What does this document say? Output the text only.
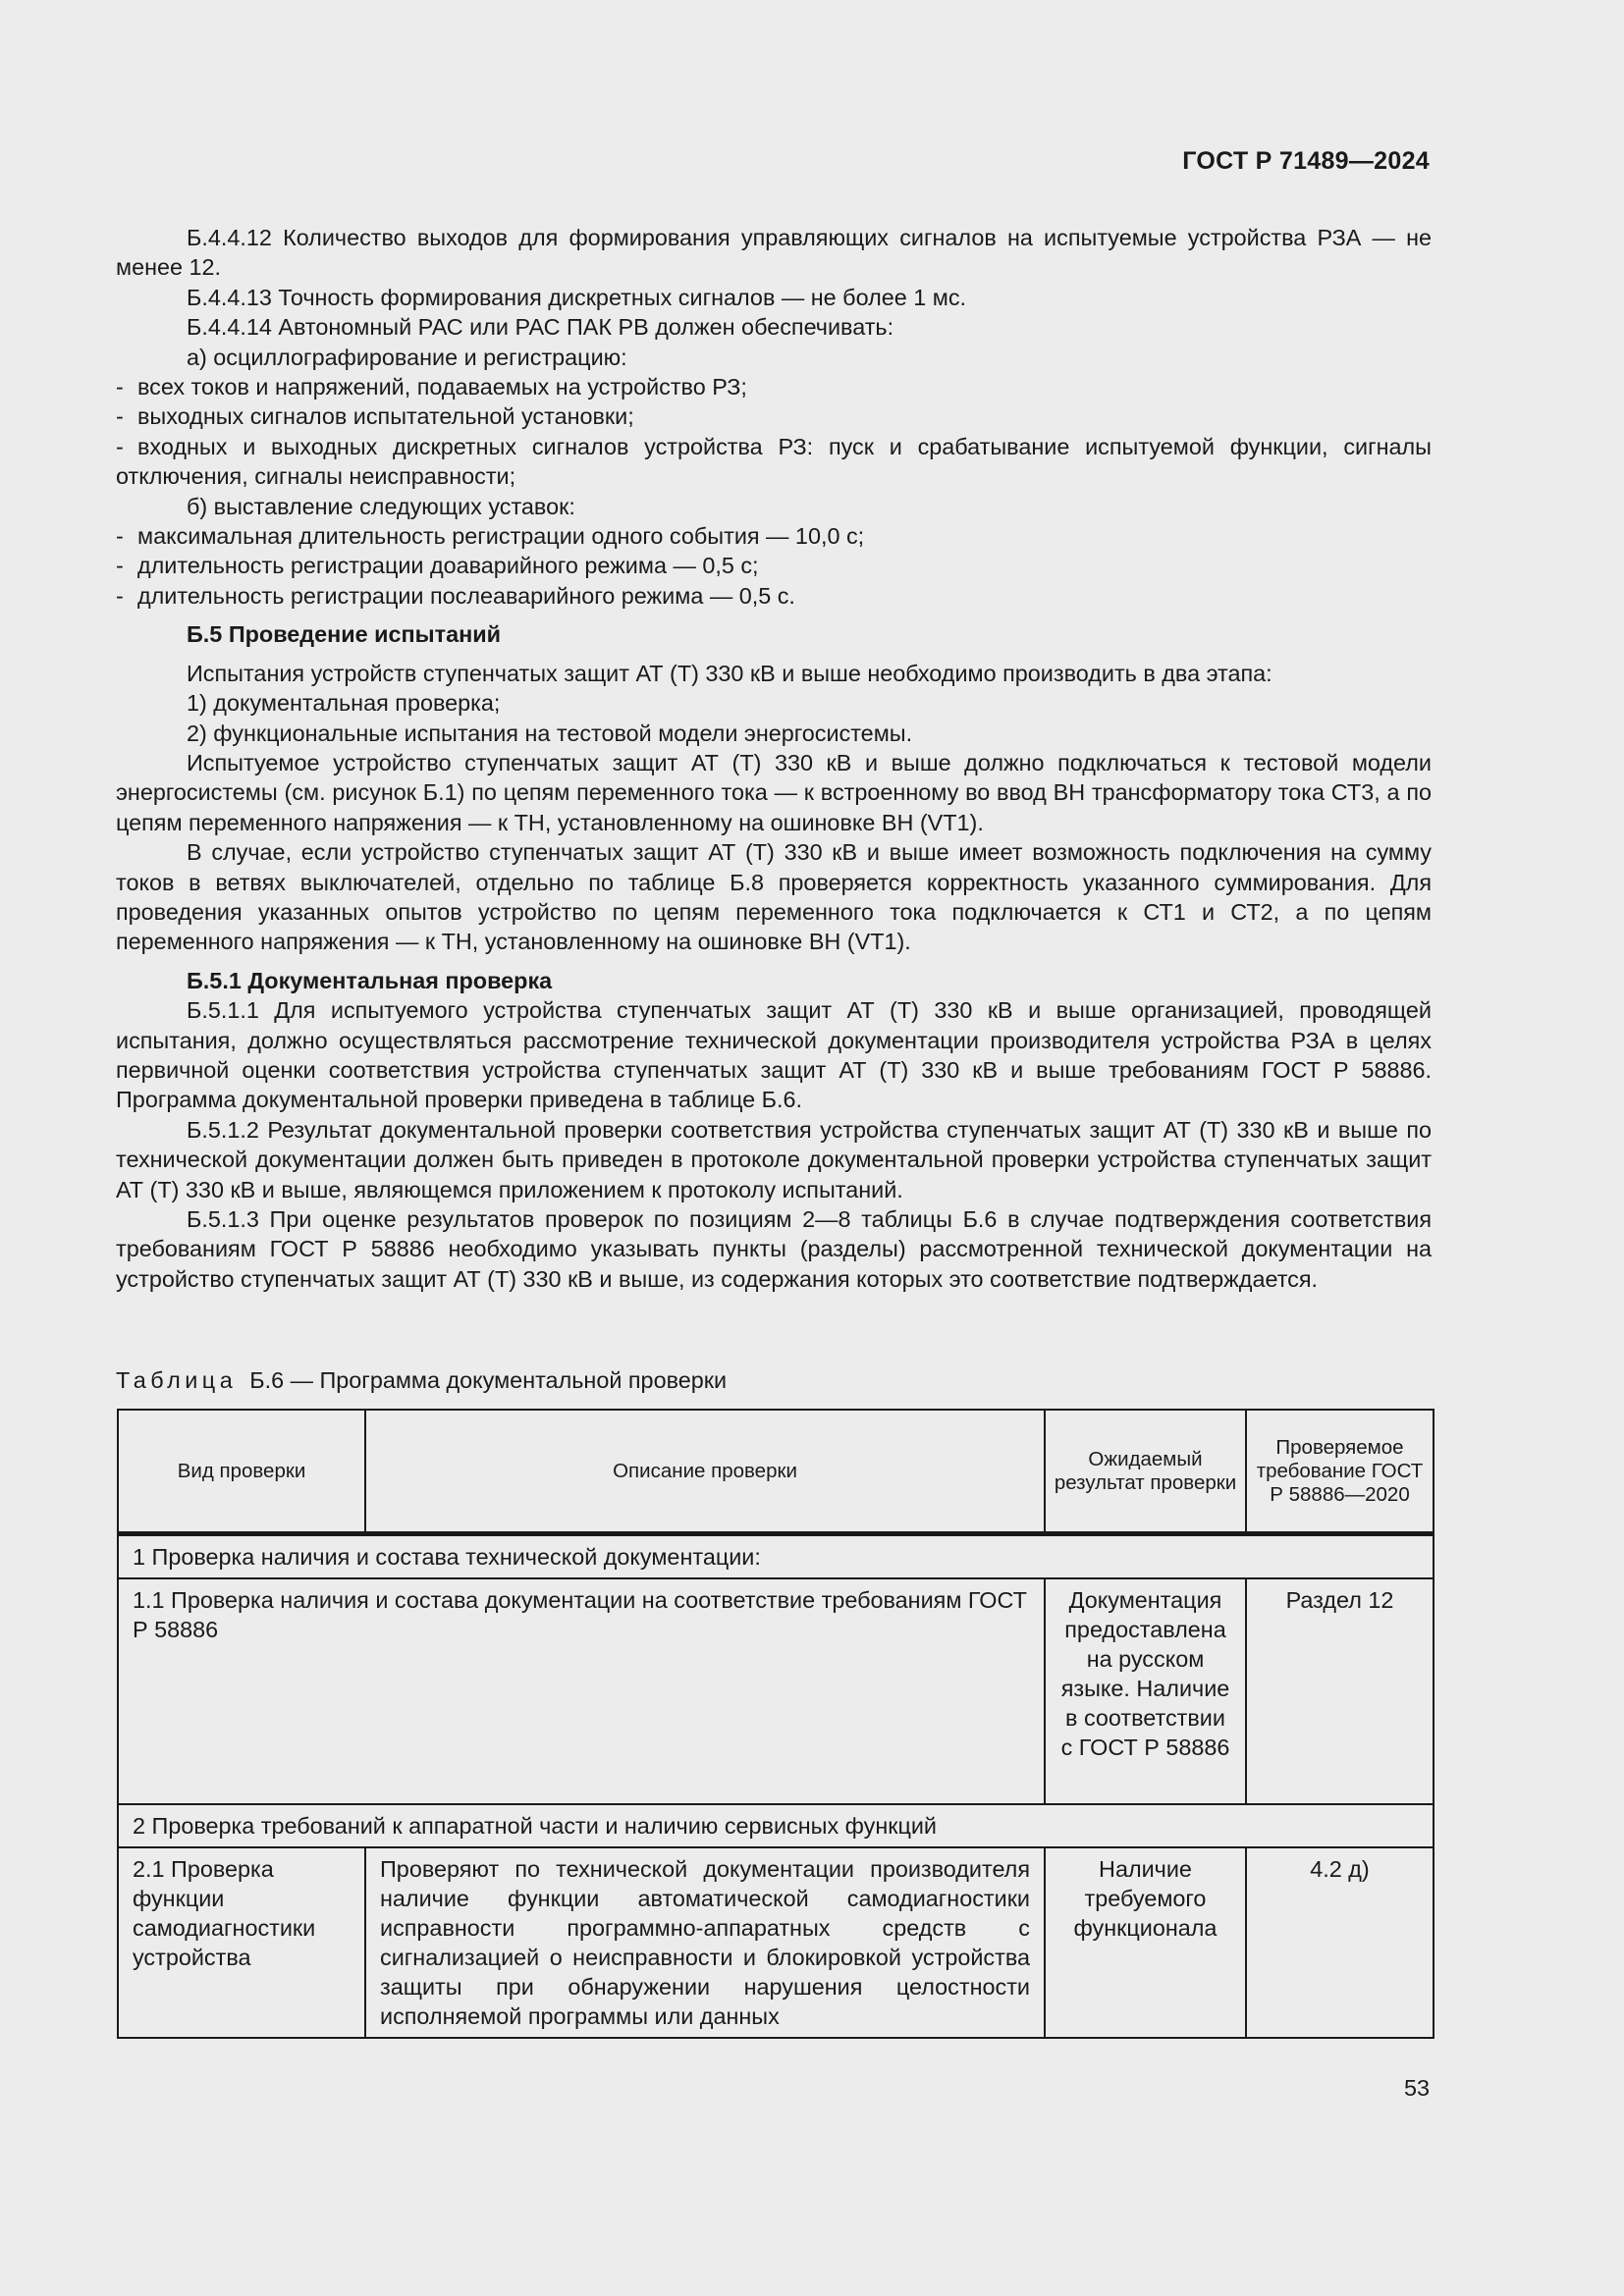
ГОСТ Р 71489—2024

Б.4.4.12 Количество выходов для формирования управляющих сигналов на испытуемые устройства РЗА — не менее 12.

Б.4.4.13 Точность формирования дискретных сигналов — не более 1 мс.

Б.4.4.14 Автономный РАС или РАС ПАК РВ должен обеспечивать:

а) осциллографирование и регистрацию:

- всех токов и напряжений, подаваемых на устройство РЗ;

- выходных сигналов испытательной установки;

- входных и выходных дискретных сигналов устройства РЗ: пуск и срабатывание испытуемой функции, сигналы отключения, сигналы неисправности;

б) выставление следующих уставок:

- максимальная длительность регистрации одного события — 10,0 с;

- длительность регистрации доаварийного режима — 0,5 с;

- длительность регистрации послеаварийного режима — 0,5 с.

Б.5 Проведение испытаний

Испытания устройств ступенчатых защит АТ (Т) 330 кВ и выше необходимо производить в два этапа:

1) документальная проверка;

2) функциональные испытания на тестовой модели энергосистемы.

Испытуемое устройство ступенчатых защит АТ (Т) 330 кВ и выше должно подключаться к тестовой модели энергосистемы (см. рисунок Б.1) по цепям переменного тока — к встроенному во ввод ВН трансформатору тока СТ3, а по цепям переменного напряжения — к ТН, установленному на ошиновке ВН (VT1).

В случае, если устройство ступенчатых защит АТ (Т) 330 кВ и выше имеет возможность подключения на сумму токов в ветвях выключателей, отдельно по таблице Б.8 проверяется корректность указанного суммирования. Для проведения указанных опытов устройство по цепям переменного тока подключается к СТ1 и СТ2, а по цепям переменного напряжения — к ТН, установленному на ошиновке ВН (VT1).

Б.5.1 Документальная проверка

Б.5.1.1 Для испытуемого устройства ступенчатых защит АТ (Т) 330 кВ и выше организацией, проводящей испытания, должно осуществляться рассмотрение технической документации производителя устройства РЗА в целях первичной оценки соответствия устройства ступенчатых защит АТ (Т) 330 кВ и выше требованиям ГОСТ Р 58886. Программа документальной проверки приведена в таблице Б.6.

Б.5.1.2 Результат документальной проверки соответствия устройства ступенчатых защит АТ (Т) 330 кВ и выше по технической документации должен быть приведен в протоколе документальной проверки устройства ступенчатых защит АТ (Т) 330 кВ и выше, являющемся приложением к протоколу испытаний.

Б.5.1.3 При оценке результатов проверок по позициям 2—8 таблицы Б.6 в случае подтверждения соответствия требованиям ГОСТ Р 58886 необходимо указывать пункты (разделы) рассмотренной технической документации на устройство ступенчатых защит АТ (Т) 330 кВ и выше, из содержания которых это соответствие подтверждается.

Таблица Б.6 — Программа документальной проверки
Вид проверки	Описание проверки	Ожидаемый результат проверки	Проверяемое требование ГОСТ Р 58886—2020
1 Проверка наличия и состава технической документации:			
1.1 Проверка наличия и состава документации на соответствие требованиям ГОСТ Р 58886		Документация предоставлена на русском языке. Наличие в соответствии с ГОСТ Р 58886	Раздел 12
2 Проверка требований к аппаратной части и наличию сервисных функций			
2.1 Проверка функции самодиагностики устройства	Проверяют по технической документации производителя наличие функции автоматической самодиагностики исправности программно-аппаратных средств с сигнализацией о неисправности и блокировкой устройства защиты при обнаружении нарушения целостности исполняемой программы или данных	Наличие требуемого функционала	4.2 д)
53
